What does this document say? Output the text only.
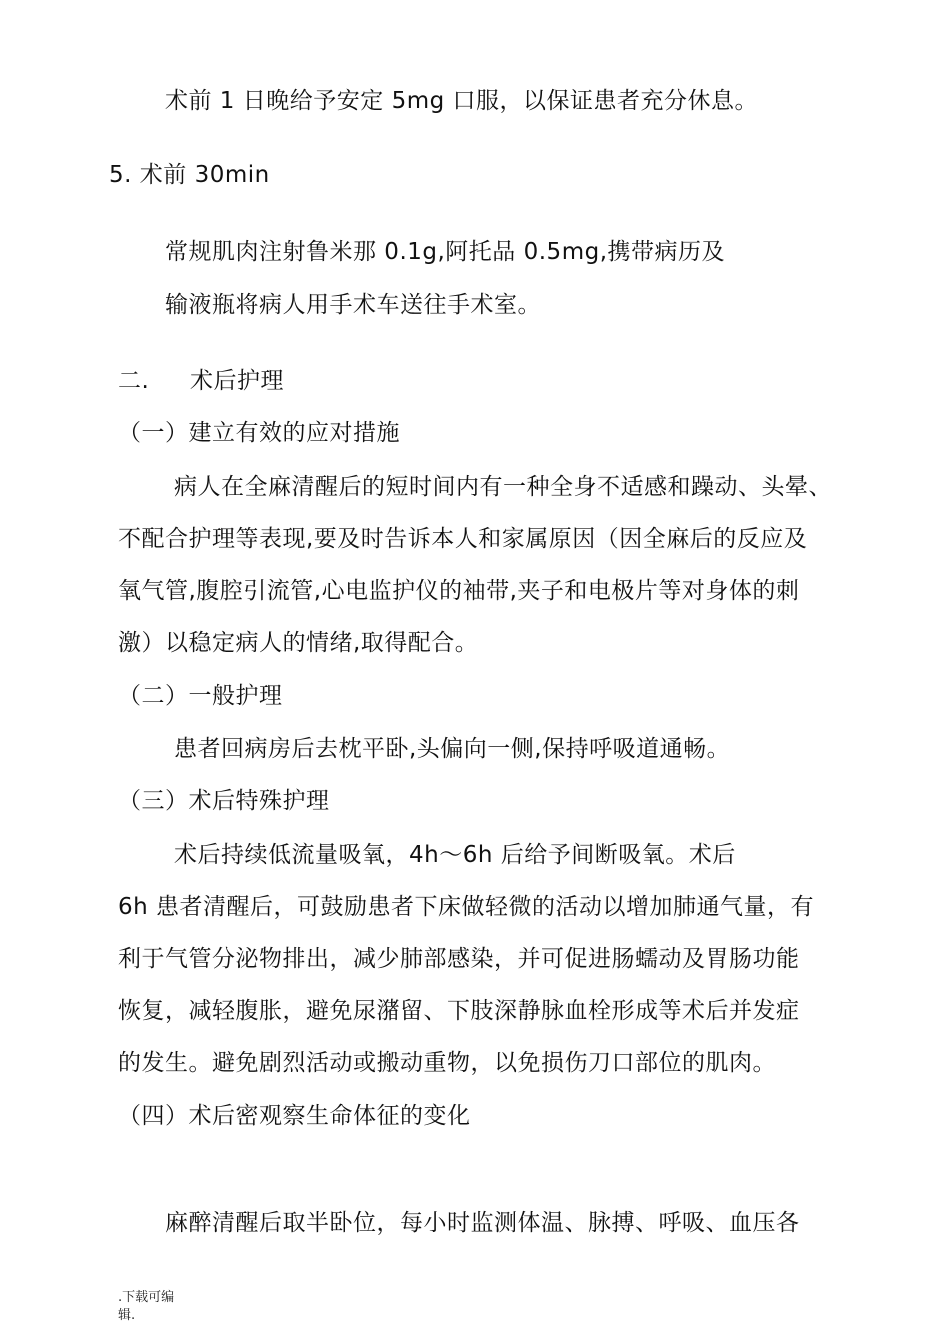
术前 1 日晚给予安定 5mg 口服，以保证患者充分休息。
5. 术前 30min
常规肌肉注射鲁米那 0.1g,阿托品 0.5mg,携带病历及
输液瓶将病人用手术车送往手术室。
二. 术后护理
（一）建立有效的应对措施
病人在全麻清醒后的短时间内有一种全身不适感和躁动、头晕、
不配合护理等表现,要及时告诉本人和家属原因（因全麻后的反应及
氧气管,腹腔引流管,心电监护仪的袖带,夹子和电极片等对身体的刺
激）以稳定病人的情绪,取得配合。
（二）一般护理
患者回病房后去枕平卧,头偏向一侧,保持呼吸道通畅。
（三）术后特殊护理
术后持续低流量吸氧，4h～6h 后给予间断吸氧。术后
6h 患者清醒后，可鼓励患者下床做轻微的活动以增加肺通气量，有
利于气管分泌物排出，减少肺部感染，并可促进肠蠕动及胃肠功能
恢复，减轻腹胀，避免尿潴留、下肢深静脉血栓形成等术后并发症
的发生。避免剧烈活动或搬动重物，以免损伤刀口部位的肌肉。
（四）术后密观察生命体征的变化
麻醉清醒后取半卧位，每小时监测体温、脉搏、呼吸、血压各
.下载可编
辑.
